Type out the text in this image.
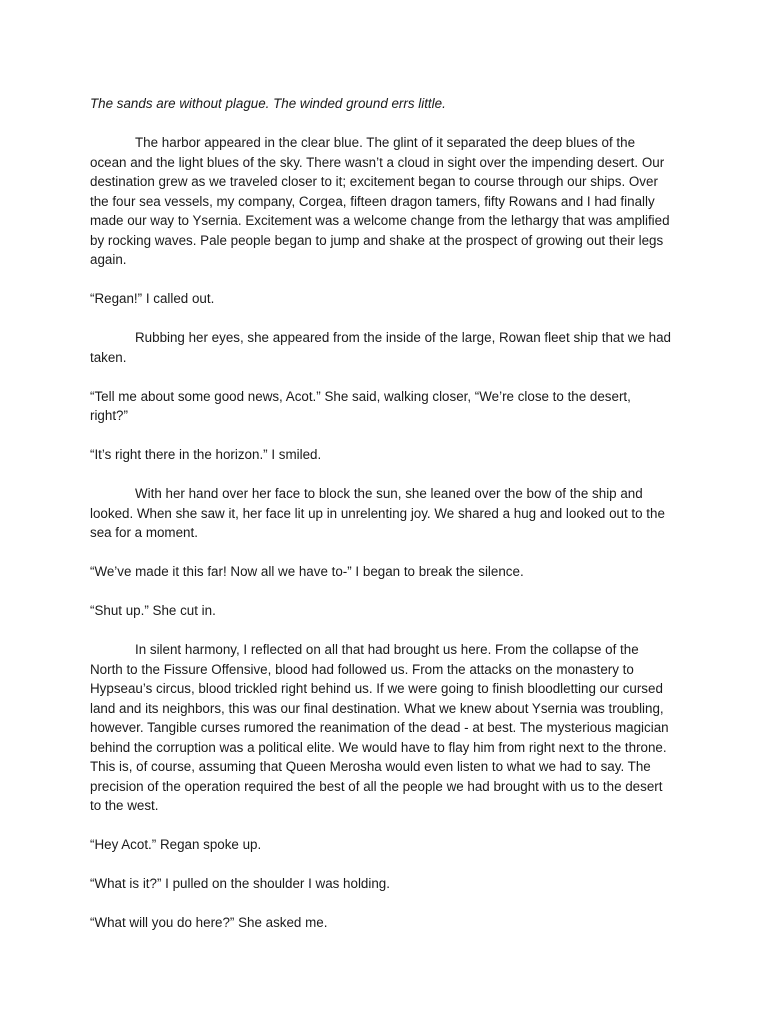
The sands are without plague. The winded ground errs little.

The harbor appeared in the clear blue. The glint of it separated the deep blues of the ocean and the light blues of the sky. There wasn’t a cloud in sight over the impending desert. Our destination grew as we traveled closer to it; excitement began to course through our ships. Over the four sea vessels, my company, Corgea, fifteen dragon tamers, fifty Rowans and I had finally made our way to Ysernia. Excitement was a welcome change from the lethargy that was amplified by rocking waves. Pale people began to jump and shake at the prospect of growing out their legs again.

“Regan!” I called out.

Rubbing her eyes, she appeared from the inside of the large, Rowan fleet ship that we had taken.

“Tell me about some good news, Acot.” She said, walking closer, “We’re close to the desert, right?”

“It’s right there in the horizon.” I smiled.

With her hand over her face to block the sun, she leaned over the bow of the ship and looked. When she saw it, her face lit up in unrelenting joy. We shared a hug and looked out to the sea for a moment.

“We’ve made it this far! Now all we have to-” I began to break the silence.

“Shut up.” She cut in.

In silent harmony, I reflected on all that had brought us here. From the collapse of the North to the Fissure Offensive, blood had followed us. From the attacks on the monastery to Hypseau’s circus, blood trickled right behind us. If we were going to finish bloodletting our cursed land and its neighbors, this was our final destination. What we knew about Ysernia was troubling, however. Tangible curses rumored the reanimation of the dead - at best. The mysterious magician behind the corruption was a political elite. We would have to flay him from right next to the throne. This is, of course, assuming that Queen Merosha would even listen to what we had to say. The precision of the operation required the best of all the people we had brought with us to the desert to the west.

“Hey Acot.” Regan spoke up.

“What is it?” I pulled on the shoulder I was holding.

“What will you do here?” She asked me.
